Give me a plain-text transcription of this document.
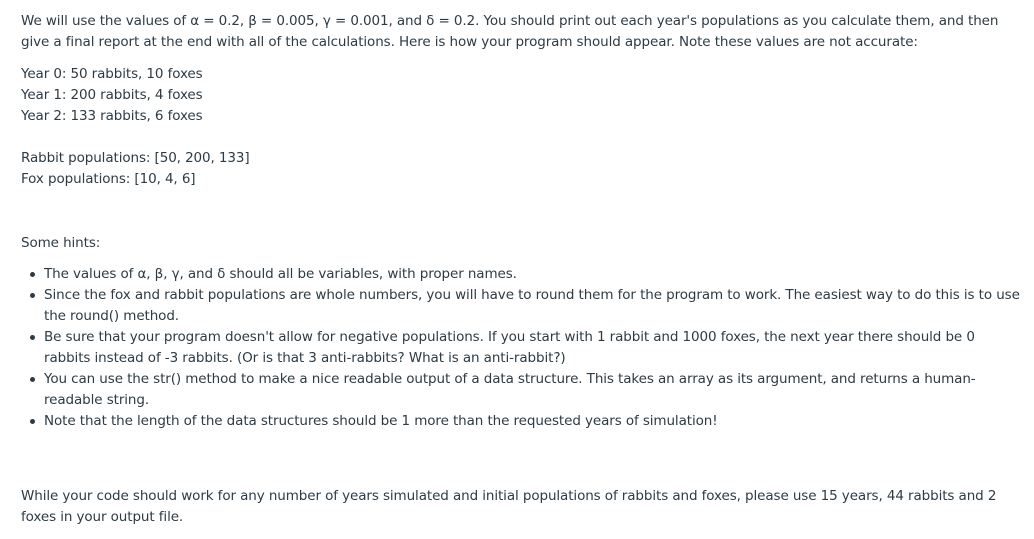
We will use the values of α = 0.2, β = 0.005, γ = 0.001, and δ = 0.2. You should print out each year's populations as you calculate them, and then give a final report at the end with all of the calculations. Here is how your program should appear. Note these values are not accurate:

Year 0: 50 rabbits, 10 foxes
Year 1: 200 rabbits, 4 foxes
Year 2: 133 rabbits, 6 foxes
Rabbit populations: [50, 200, 133]
Fox populations: [10, 4, 6]
Some hints:
The values of α, β, γ, and δ should all be variables, with proper names.
Since the fox and rabbit populations are whole numbers, you will have to round them for the program to work. The easiest way to do this is to use the round() method.
Be sure that your program doesn't allow for negative populations. If you start with 1 rabbit and 1000 foxes, the next year there should be 0 rabbits instead of -3 rabbits. (Or is that 3 anti-rabbits? What is an anti-rabbit?)
You can use the str() method to make a nice readable output of a data structure. This takes an array as its argument, and returns a human-readable string.
Note that the length of the data structures should be 1 more than the requested years of simulation!

While your code should work for any number of years simulated and initial populations of rabbits and foxes, please use 15 years, 44 rabbits and 2 foxes in your output file.
